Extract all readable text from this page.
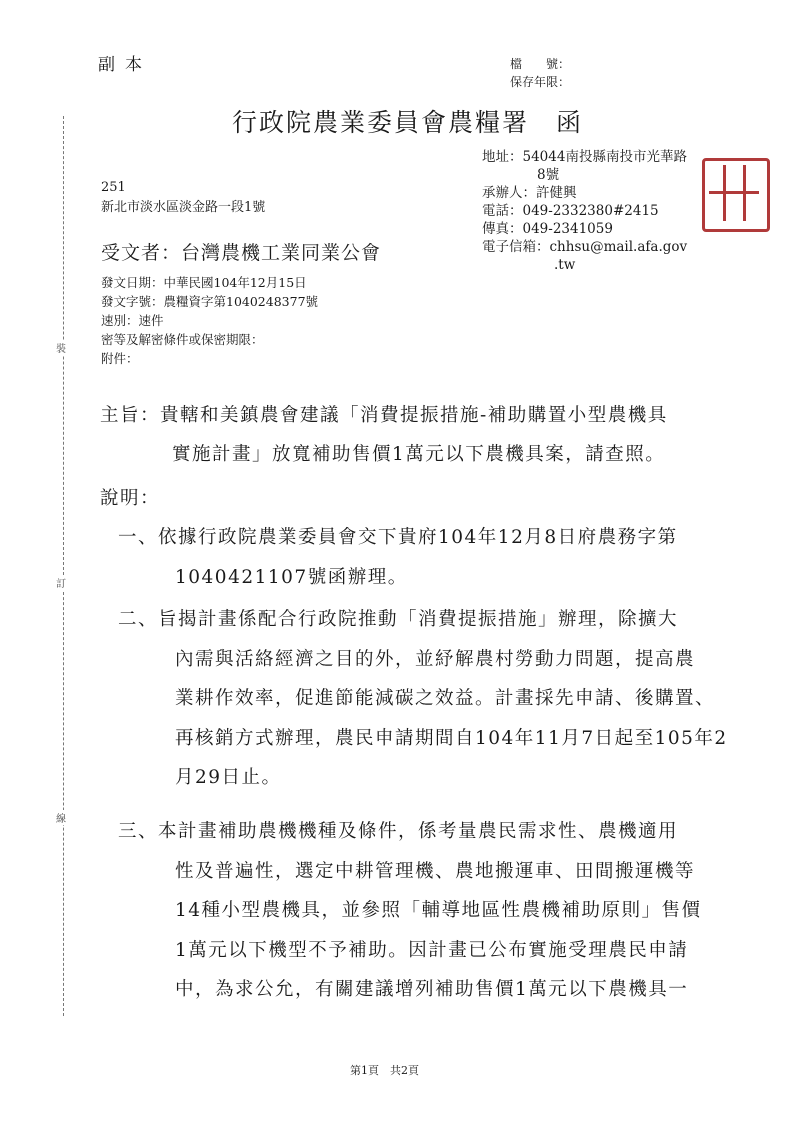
副本	檔　　號：
保存年限：
行政院農業委員會農糧署　函
地址：54044南投縣南投市光華路
8號
承辦人：許健興
電話：049-2332380#2415
傳真：049-2341059
電子信箱：chhsu@mail.afa.gov
.tw
251
新北市淡水區淡金路一段1號
受文者：台灣農機工業同業公會
發文日期：中華民國104年12月15日
發文字號：農糧資字第1040248377號
速別：速件
密等及解密條件或保密期限：
附件：
主旨：貴轄和美鎮農會建議「消費提振措施-補助購置小型農機具
實施計畫」放寬補助售價1萬元以下農機具案，請查照。
說明：
一、依據行政院農業委員會交下貴府104年12月8日府農務字第
1040421107號函辦理。
二、旨揭計畫係配合行政院推動「消費提振措施」辦理，除擴大
內需與活絡經濟之目的外，並紓解農村勞動力問題，提高農
業耕作效率，促進節能減碳之效益。計畫採先申請、後購置、
再核銷方式辦理，農民申請期間自104年11月7日起至105年2
月29日止。
三、本計畫補助農機機種及條件，係考量農民需求性、農機適用
性及普遍性，選定中耕管理機、農地搬運車、田間搬運機等
14種小型農機具，並參照「輔導地區性農機補助原則」售價
1萬元以下機型不予補助。因計畫已公布實施受理農民申請
中，為求公允，有關建議增列補助售價1萬元以下農機具一
裝
訂
線
第1頁　共2頁
